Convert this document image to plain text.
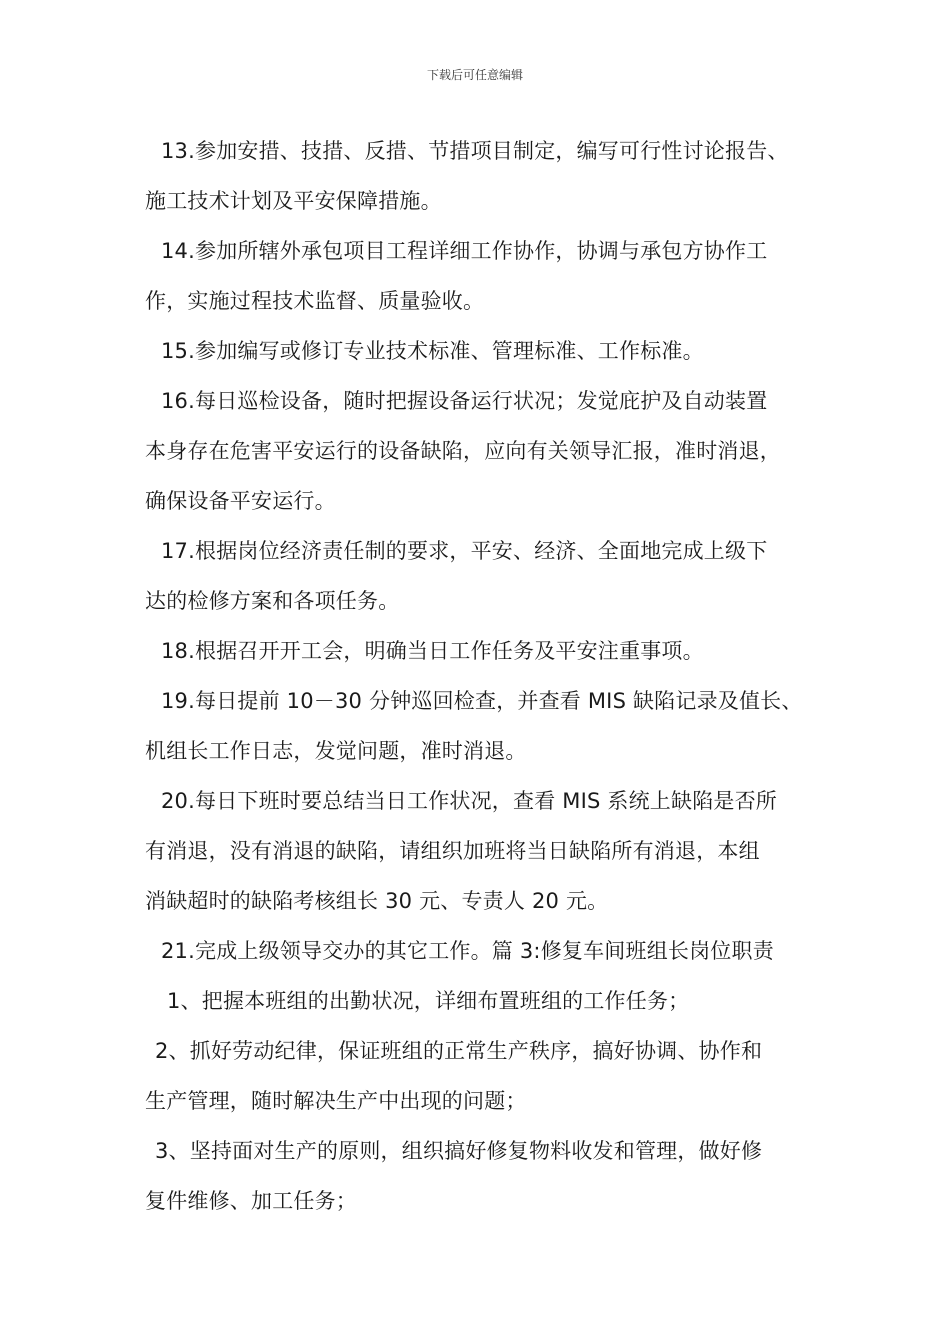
下载后可任意编辑
13.参加安措、技措、反措、节措项目制定，编写可行性讨论报告、
施工技术计划及平安保障措施。
14.参加所辖外承包项目工程详细工作协作，协调与承包方协作工
作，实施过程技术监督、质量验收。
15.参加编写或修订专业技术标准、管理标准、工作标准。
16.每日巡检设备，随时把握设备运行状况；发觉庇护及自动装置
本身存在危害平安运行的设备缺陷，应向有关领导汇报，准时消退，
确保设备平安运行。
17.根据岗位经济责任制的要求，平安、经济、全面地完成上级下
达的检修方案和各项任务。
18.根据召开开工会，明确当日工作任务及平安注重事项。
19.每日提前 10－30 分钟巡回检查，并查看 MIS 缺陷记录及值长、
机组长工作日志，发觉问题，准时消退。
20.每日下班时要总结当日工作状况，查看 MIS 系统上缺陷是否所
有消退，没有消退的缺陷，请组织加班将当日缺陷所有消退，本组
消缺超时的缺陷考核组长 30 元、专责人 20 元。
21.完成上级领导交办的其它工作。篇 3:修复车间班组长岗位职责
1、把握本班组的出勤状况，详细布置班组的工作任务；
2、抓好劳动纪律，保证班组的正常生产秩序，搞好协调、协作和
生产管理，随时解决生产中出现的问题；
3、坚持面对生产的原则，组织搞好修复物料收发和管理，做好修
复件维修、加工任务；
